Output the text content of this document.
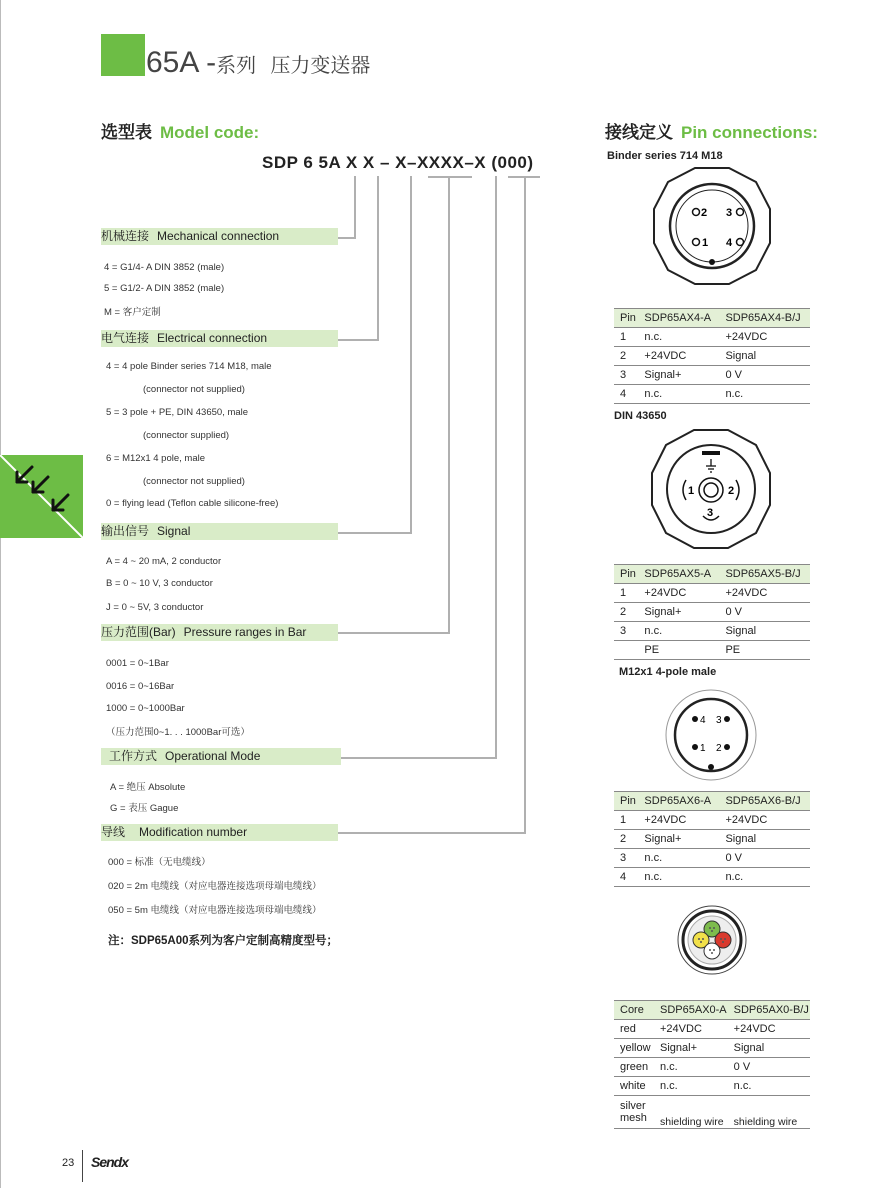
65A -系列 压力变送器
选型表 Model code:
SDP 6 5A X X – X–XXXX–X (000)
机械连接 Mechanical connection
4 = G1/4- A DIN 3852 (male)
5 = G1/2- A DIN 3852 (male)
M = 客户定制
电气连接 Electrical connection
4 = 4 pole Binder series 714 M18, male
(connector not supplied)
5 = 3 pole + PE, DIN 43650, male
(connector supplied)
6 = M12x1 4 pole, male
(connector not supplied)
0 = flying lead (Teflon cable silicone-free)
输出信号 Signal
A = 4 ~ 20 mA, 2 conductor
B = 0 ~ 10 V, 3 conductor
J = 0 ~ 5V, 3 conductor
压力范围(Bar) Pressure ranges in Bar
0001 = 0~1Bar
0016 = 0~16Bar
1000 = 0~1000Bar
（压力范围0~1. . . 1000Bar可选）
工作方式 Operational Mode
A = 绝压 Absolute
G = 表压 Gague
导线 Modification number
000 = 标准（无电缆线）
020 = 2m 电缆线（对应电器连接选项母端电缆线）
050 = 5m 电缆线（对应电器连接选项母端电缆线）
注：SDP65A00系列为客户定制高精度型号；
接线定义 Pin connections:
Binder series 714 M18
2 3
1 4
Pin	SDP65AX4-A	SDP65AX4-B/J
1	n.c.	+24VDC
2	+24VDC	Signal
3	Signal+	0 V
4	n.c.	n.c.
DIN 43650
1	2
3
Pin	SDP65AX5-A	SDP65AX5-B/J
1	+24VDC	+24VDC
2	Signal+	0 V
3	n.c.	Signal
	PE	PE
M12x1 4-pole male
4 3
1 2
Pin	SDP65AX6-A	SDP65AX6-B/J
1	+24VDC	+24VDC
2	Signal+	Signal
3	n.c.	0 V
4	n.c.	n.c.
Core	SDP65AX0-A	SDP65AX0-B/J
red	+24VDC	+24VDC
yellow	Signal+	Signal
green	n.c.	0 V
white	n.c.	n.c.
silver mesh	shielding wire	shielding wire
23 Sendx
